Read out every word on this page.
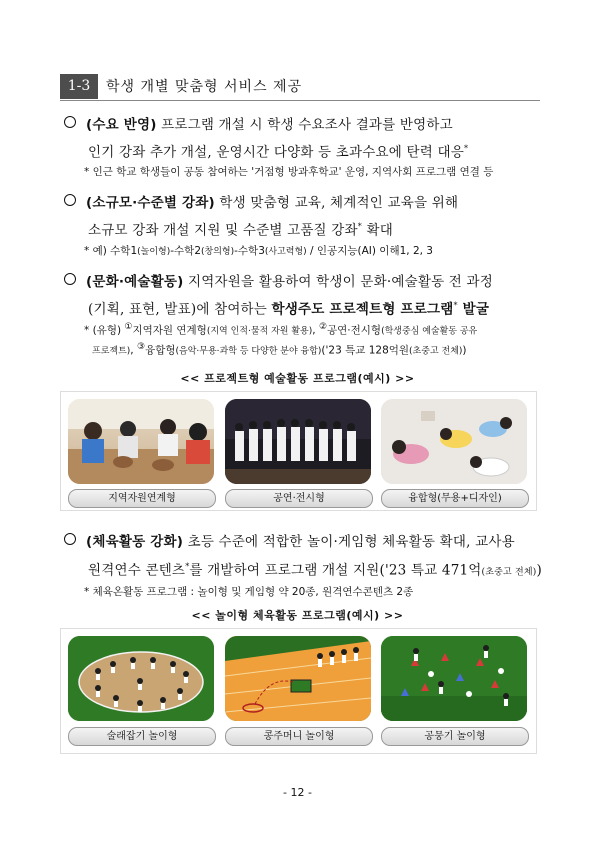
1-3	학생 개별 맞춤형 서비스 제공
(수요 반영) 프로그램 개설 시 학생 수요조사 결과를 반영하고
인기 강좌 추가 개설, 운영시간 다양화 등 초과수요에 탄력 대응*
* 인근 학교 학생들이 공동 참여하는 '거점형 방과후학교' 운영, 지역사회 프로그램 연결 등
(소규모·수준별 강좌) 학생 맞춤형 교육, 체계적인 교육을 위해
소규모 강좌 개설 지원 및 수준별 고품질 강좌* 확대
* 예) 수학1(놀이형)-수학2(창의형)-수학3(사고력형) / 인공지능(AI) 이해1, 2, 3
(문화·예술활동) 지역자원을 활용하여 학생이 문화·예술활동 전 과정
(기획, 표현, 발표)에 참여하는 학생주도 프로젝트형 프로그램* 발굴
* (유형) ①지역자원 연계형(지역 인적·물적 자원 활용), ②공연·전시형(학생중심 예술활동 공유
프로젝트), ③융합형(음악·무용·과학 등 다양한 분야 융합)('23 특교 128억원(초중고 전체))
<< 프로젝트형 예술활동 프로그램(예시) >>
지역자원연계형	공연·전시형	융합형(무용+디자인)
(체육활동 강화) 초등 수준에 적합한 놀이·게임형 체육활동 확대, 교사용
원격연수 콘텐츠*를 개발하여 프로그램 개설 지원('23 특교 471억(초중고 전체))
* 체육온활동 프로그램 : 놀이형 및 게임형 약 20종, 원격연수콘텐츠 2종
<< 놀이형 체육활동 프로그램(예시) >>
술래잡기 놀이형	콩주머니 놀이형	공뭉기 놀이형
- 12 -
